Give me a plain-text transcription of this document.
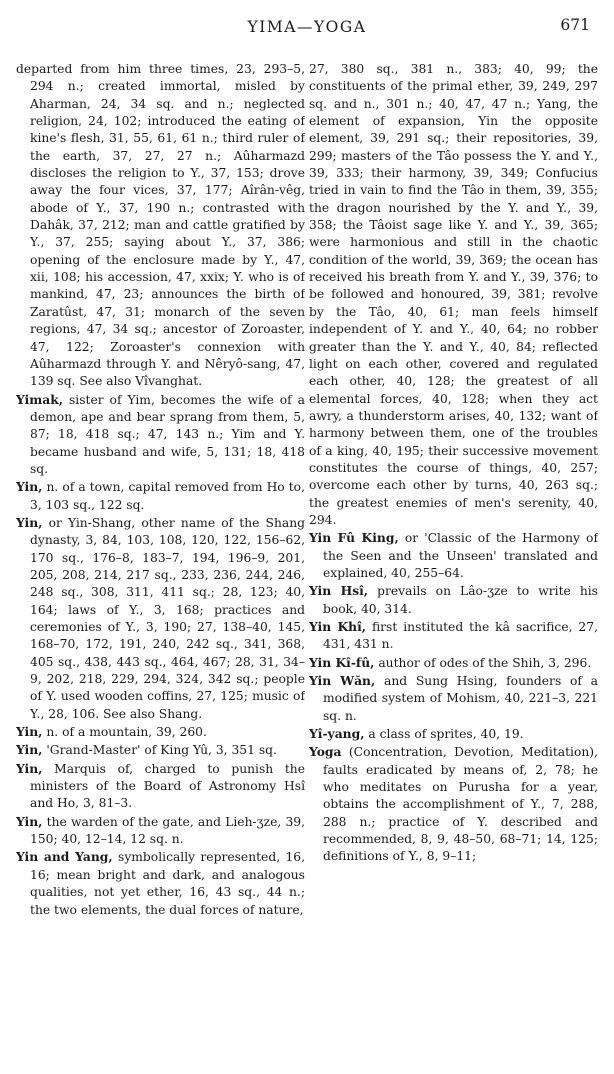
YIMA—YOGA	671

departed from him three times, 23, 293–5, 294 n.; created immortal, misled by Aharman, 24, 34 sq. and n.; neglected religion, 24, 102; introduced the eating of kine's flesh, 31, 55, 61, 61 n.; third ruler of the earth, 37, 27, 27 n.; Aûharmazd discloses the religion to Y., 37, 153; drove away the four vices, 37, 177; Aîrân-vêg, abode of Y., 37, 190 n.; contrasted with Dahâk, 37, 212; man and cattle gratified by Y., 37, 255; saying about Y., 37, 386; opening of the enclosure made by Y., 47, xii, 108; his accession, 47, xxix; Y. who is of mankind, 47, 23; announces the birth of Zaratûst, 47, 31; monarch of the seven regions, 47, 34 sq.; ancestor of Zoroaster, 47, 122; Zoroaster's connexion with Aûharmazd through Y. and Nêryô-sang, 47, 139 sq. See also Vîvanghat.

Yimak, sister of Yim, becomes the wife of a demon, ape and bear sprang from them, 5, 87; 18, 418 sq.; 47, 143 n.; Yim and Y. became husband and wife, 5, 131; 18, 418 sq.

Yin, n. of a town, capital removed from Ho to, 3, 103 sq., 122 sq.

Yin, or Yin-Shang, other name of the Shang dynasty, 3, 84, 103, 108, 120, 122, 156–62, 170 sq., 176–8, 183–7, 194, 196–9, 201, 205, 208, 214, 217 sq., 233, 236, 244, 246, 248 sq., 308, 311, 411 sq.; 28, 123; 40, 164; laws of Y., 3, 168; practices and ceremonies of Y., 3, 190; 27, 138–40, 145, 168–70, 172, 191, 240, 242 sq., 341, 368, 405 sq., 438, 443 sq., 464, 467; 28, 31, 34–9, 202, 218, 229, 294, 324, 342 sq.; people of Y. used wooden coffins, 27, 125; music of Y., 28, 106. See also Shang.

Yin, n. of a mountain, 39, 260.

Yin, 'Grand-Master' of King Yû, 3, 351 sq.

Yin, Marquis of, charged to punish the ministers of the Board of Astronomy Hsî and Ho, 3, 81–3.

Yin, the warden of the gate, and Lieh-ʒze, 39, 150; 40, 12–14, 12 sq. n.

Yin and Yang, symbolically represented, 16, 16; mean bright and dark, and analogous qualities, not yet ether, 16, 43 sq., 44 n.; the two elements, the dual forces of nature,

27, 380 sq., 381 n., 383; 40, 99; the constituents of the primal ether, 39, 249, 297 sq. and n., 301 n.; 40, 47, 47 n.; Yang, the element of expansion, Yin the opposite element, 39, 291 sq.; their repositories, 39, 299; masters of the Tâo possess the Y. and Y., 39, 333; their harmony, 39, 349; Confucius tried in vain to find the Tâo in them, 39, 355; the dragon nourished by the Y. and Y., 39, 358; the Tâoist sage like Y. and Y., 39, 365; were harmonious and still in the chaotic condition of the world, 39, 369; the ocean has received his breath from Y. and Y., 39, 376; to be followed and honoured, 39, 381; revolve by the Tâo, 40, 61; man feels himself independent of Y. and Y., 40, 64; no robber greater than the Y. and Y., 40, 84; reflected light on each other, covered and regulated each other, 40, 128; the greatest of all elemental forces, 40, 128; when they act awry, a thunderstorm arises, 40, 132; want of harmony between them, one of the troubles of a king, 40, 195; their successive movement constitutes the course of things, 40, 257; overcome each other by turns, 40, 263 sq.; the greatest enemies of men's serenity, 40, 294.

Yin Fû King, or 'Classic of the Harmony of the Seen and the Unseen' translated and explained, 40, 255–64.

Yin Hsî, prevails on Lâo-ʒze to write his book, 40, 314.

Yin Khî, first instituted the kâ sacrifice, 27, 431, 431 n.

Yin Kî-fû, author of odes of the Shih, 3, 296.

Yin Wăn, and Sung Hsing, founders of a modified system of Mohism, 40, 221–3, 221 sq. n.

Yî-yang, a class of sprites, 40, 19.

Yoga (Concentration, Devotion, Meditation), faults eradicated by means of, 2, 78; he who meditates on Purusha for a year, obtains the accomplishment of Y., 7, 288, 288 n.; practice of Y. described and recommended, 8, 9, 48–50, 68–71; 14, 125; definitions of Y., 8, 9–11;
